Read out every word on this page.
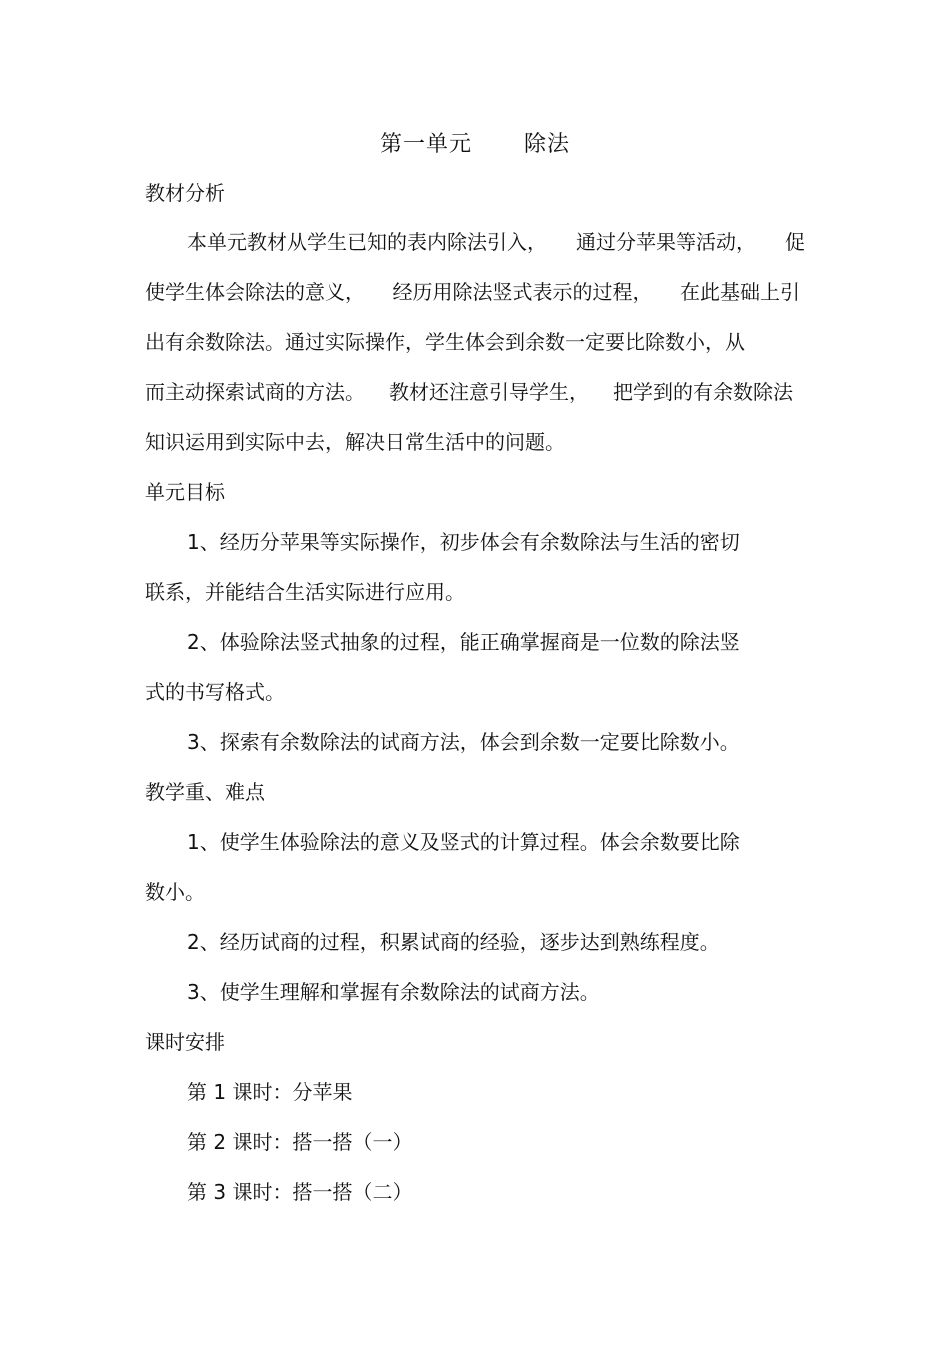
第一单元 除法
教材分析
本单元教材从学生已知的表内除法引入， 通过分苹果等活动， 促
使学生体会除法的意义， 经历用除法竖式表示的过程， 在此基础上引
出有余数除法。通过实际操作，学生体会到余数一定要比除数小，从
而主动探索试商的方法。 教材还注意引导学生， 把学到的有余数除法
知识运用到实际中去，解决日常生活中的问题。
单元目标
1、经历分苹果等实际操作，初步体会有余数除法与生活的密切
联系，并能结合生活实际进行应用。
2、体验除法竖式抽象的过程，能正确掌握商是一位数的除法竖
式的书写格式。
3、探索有余数除法的试商方法，体会到余数一定要比除数小。
教学重、难点
1、使学生体验除法的意义及竖式的计算过程。体会余数要比除
数小。
2、经历试商的过程，积累试商的经验，逐步达到熟练程度。
3、使学生理解和掌握有余数除法的试商方法。
课时安排
第 1 课时：分苹果
第 2 课时：搭一搭（一）
第 3 课时：搭一搭（二）
